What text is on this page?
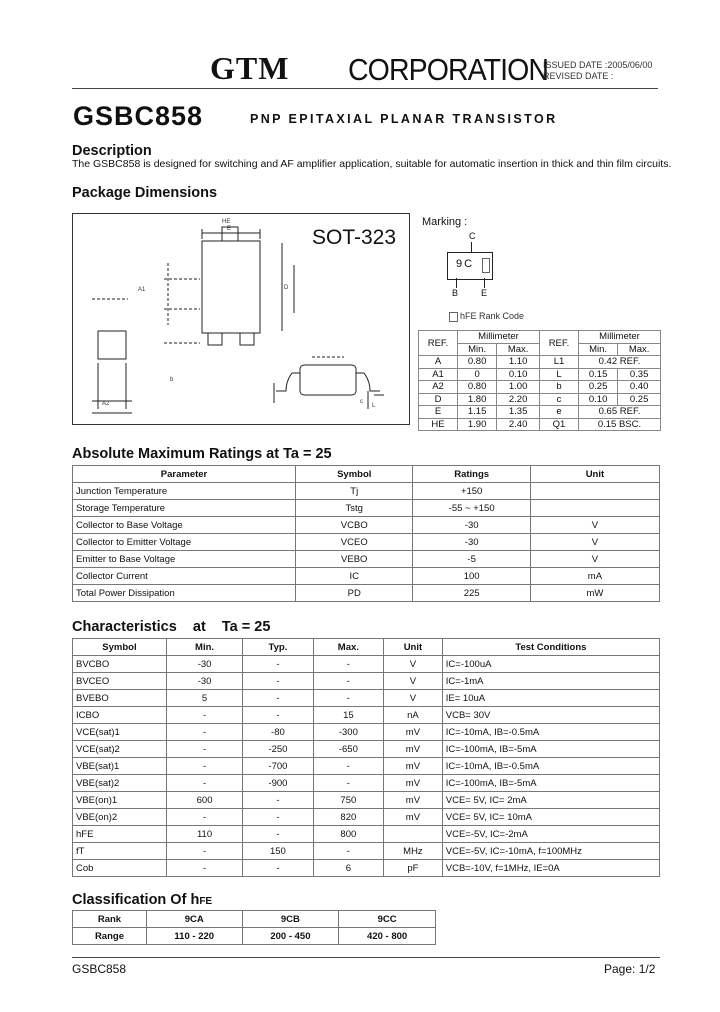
GTM CORPORATION
ISSUED DATE :2005/06/00
REVISED DATE :
GSBC858	PNP EPITAXIAL PLANAR TRANSISTOR
Description
The GSBC858 is designed for switching and AF amplifier application, suitable for automatic insertion in thick and thin film circuits.
Package Dimensions
SOT-323
HE
E
A1	D
A2	L
b
c
Marking :
C
9C
B	E
hFE Rank Code
REF.	Millimeter		REF.	Millimeter	
	Min.	Max.		Min.	Max.
A	0.80	1.10	L1	0.42 REF.	
A1	0	0.10	L	0.15	0.35
A2	0.80	1.00	b	0.25	0.40
D	1.80	2.20	c	0.10	0.25
E	1.15	1.35	e	0.65 REF.	
HE	1.90	2.40	Q1	0.15 BSC.	
Absolute Maximum Ratings at Ta = 25
Parameter	Symbol	Ratings	Unit
Junction Temperature	Tj	+150	
Storage Temperature	Tstg	-55 ~ +150	
Collector to Base Voltage	VCBO	-30	V
Collector to Emitter Voltage	VCEO	-30	V
Emitter to Base Voltage	VEBO	-5	V
Collector Current	IC	100	mA
Total Power Dissipation	PD	225	mW
Characteristics    at    Ta = 25
Symbol	Min.	Typ.	Max.	Unit	Test Conditions
BVCBO	-30	-	-	V	IC=-100uA
BVCEO	-30	-	-	V	IC=-1mA
BVEBO	5	-	-	V	IE= 10uA
ICBO	-	-	15	nA	VCB= 30V
VCE(sat)1	-	-80	-300	mV	IC=-10mA, IB=-0.5mA
VCE(sat)2	-	-250	-650	mV	IC=-100mA, IB=-5mA
VBE(sat)1	-	-700	-	mV	IC=-10mA, IB=-0.5mA
VBE(sat)2	-	-900	-	mV	IC=-100mA, IB=-5mA
VBE(on)1	600	-	750	mV	VCE= 5V, IC= 2mA
VBE(on)2	-	-	820	mV	VCE= 5V, IC= 10mA
hFE	110	-	800		VCE=-5V, IC=-2mA
fT	-	150	-	MHz	VCE=-5V, IC=-10mA, f=100MHz
Cob	-	-	6	pF	VCB=-10V, f=1MHz, IE=0A
Classification Of hFE
Rank	9CA	9CB	9CC
Range	110 - 220	200 - 450	420 - 800
GSBC858	Page: 1/2
